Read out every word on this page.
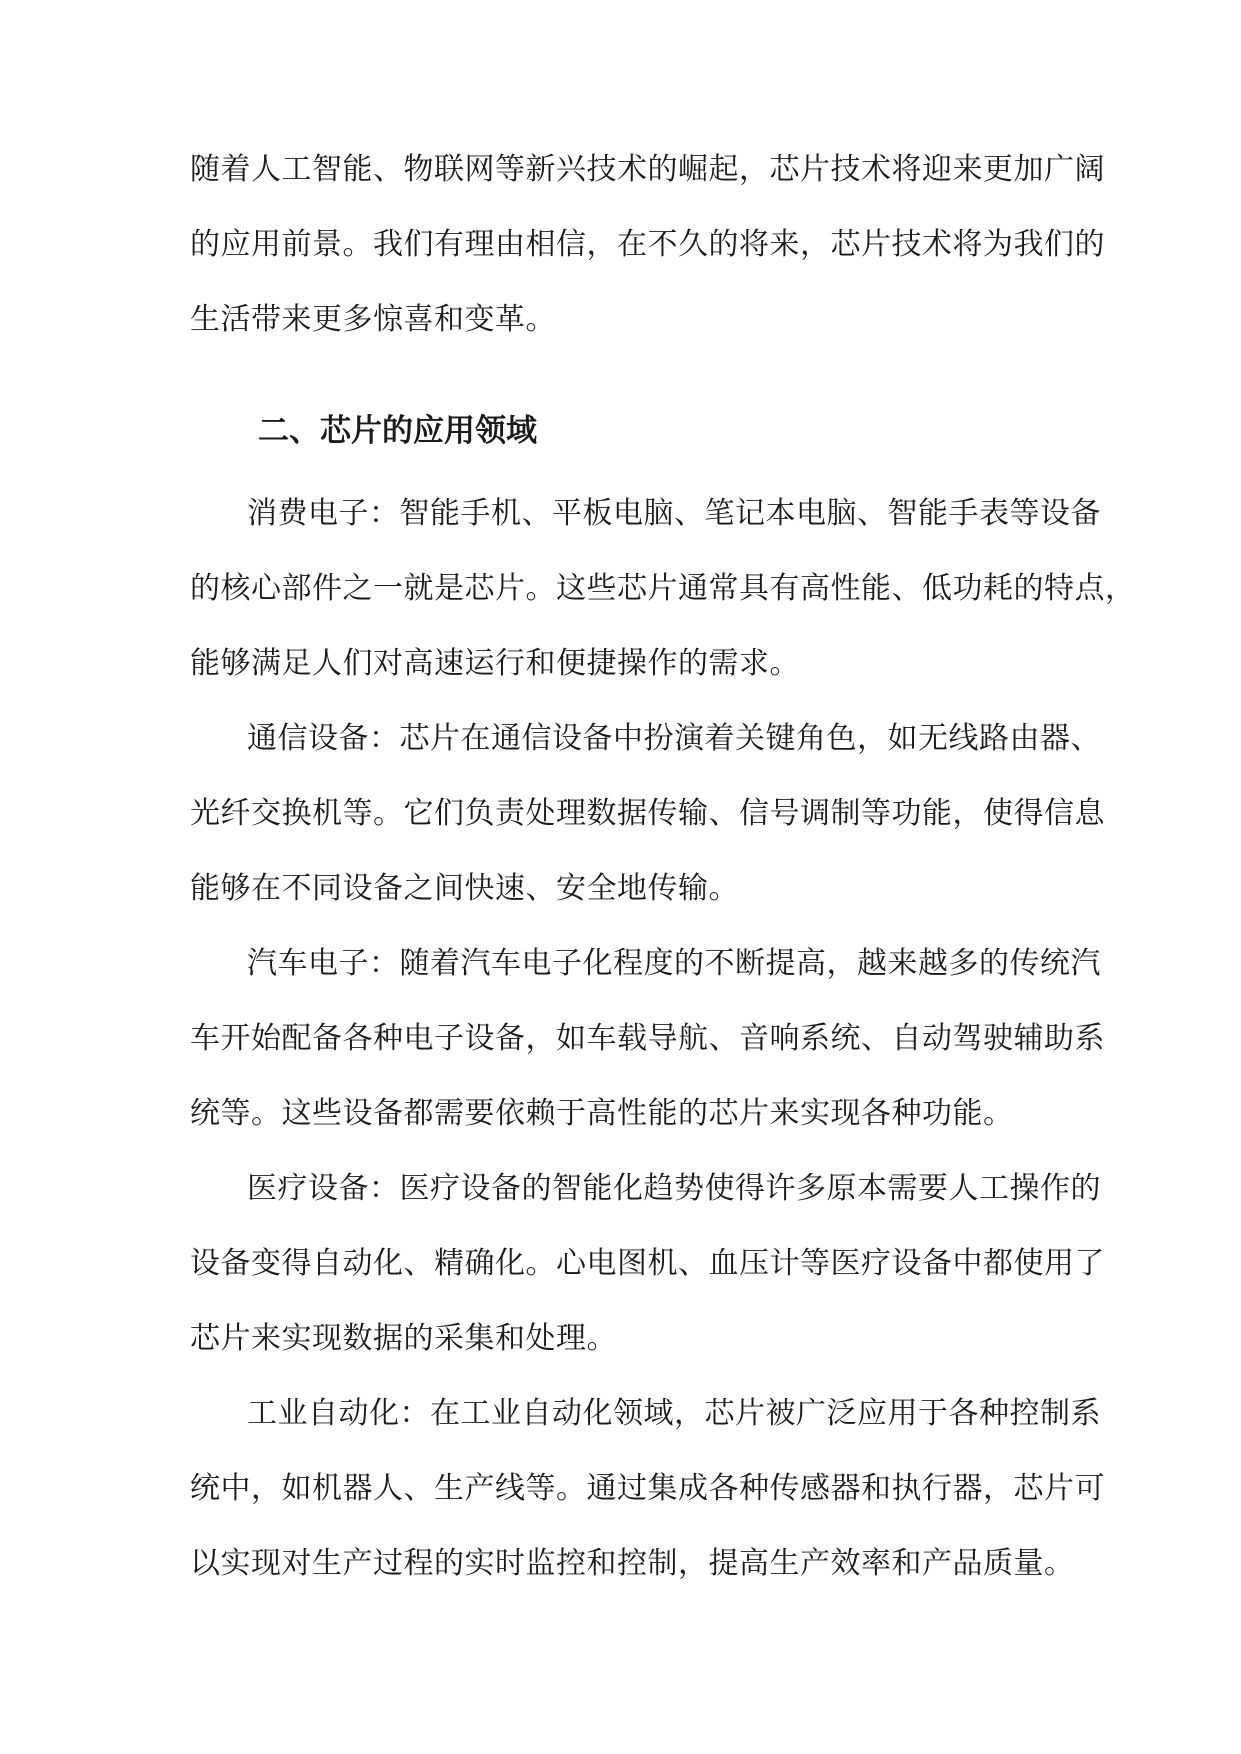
随着人工智能、物联网等新兴技术的崛起，芯片技术将迎来更加广阔
的应用前景。我们有理由相信，在不久的将来，芯片技术将为我们的
生活带来更多惊喜和变革。
二、芯片的应用领域
消费电子：智能手机、平板电脑、笔记本电脑、智能手表等设备
的核心部件之一就是芯片。这些芯片通常具有高性能、低功耗的特点，
能够满足人们对高速运行和便捷操作的需求。
通信设备：芯片在通信设备中扮演着关键角色，如无线路由器、
光纤交换机等。它们负责处理数据传输、信号调制等功能，使得信息
能够在不同设备之间快速、安全地传输。
汽车电子：随着汽车电子化程度的不断提高，越来越多的传统汽
车开始配备各种电子设备，如车载导航、音响系统、自动驾驶辅助系
统等。这些设备都需要依赖于高性能的芯片来实现各种功能。
医疗设备：医疗设备的智能化趋势使得许多原本需要人工操作的
设备变得自动化、精确化。心电图机、血压计等医疗设备中都使用了
芯片来实现数据的采集和处理。
工业自动化：在工业自动化领域，芯片被广泛应用于各种控制系
统中，如机器人、生产线等。通过集成各种传感器和执行器，芯片可
以实现对生产过程的实时监控和控制，提高生产效率和产品质量。
